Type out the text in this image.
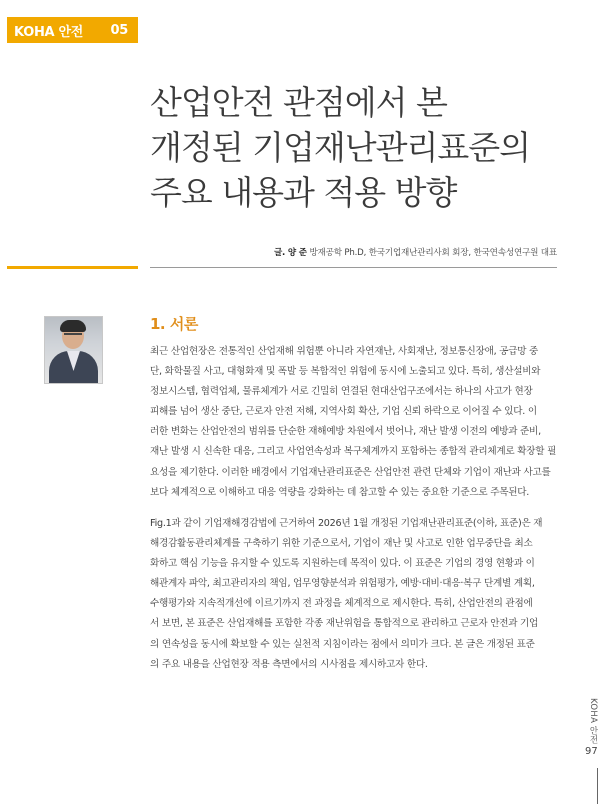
KOHA 안전 05
산업안전 관점에서 본
개정된 기업재난관리표준의
주요 내용과 적용 방향
글. 양 준 방재공학 Ph.D, 한국기업재난관리사회 회장, 한국연속성연구원 대표
1. 서론
최근 산업현장은 전통적인 산업재해 위험뿐 아니라 자연재난, 사회재난, 정보통신장애, 공급망 중
단, 화학물질 사고, 대형화재 및 폭발 등 복합적인 위험에 동시에 노출되고 있다. 특히, 생산설비와
정보시스템, 협력업체, 물류체계가 서로 긴밀히 연결된 현대산업구조에서는 하나의 사고가 현장
피해를 넘어 생산 중단, 근로자 안전 저해, 지역사회 확산, 기업 신뢰 하락으로 이어질 수 있다. 이
러한 변화는 산업안전의 범위를 단순한 재해예방 차원에서 벗어나, 재난 발생 이전의 예방과 준비,
재난 발생 시 신속한 대응, 그리고 사업연속성과 복구체계까지 포함하는 종합적 관리체계로 확장할 필
요성을 제기한다. 이러한 배경에서 기업재난관리표준은 산업안전 관련 단체와 기업이 재난과 사고를
보다 체계적으로 이해하고 대응 역량을 강화하는 데 참고할 수 있는 중요한 기준으로 주목된다.
Fig.1과 같이 기업재해경감법에 근거하여 2026년 1월 개정된 기업재난관리표준(이하, 표준)은 재
해경감활동관리체계를 구축하기 위한 기준으로서, 기업이 재난 및 사고로 인한 업무중단을 최소
화하고 핵심 기능을 유지할 수 있도록 지원하는데 목적이 있다. 이 표준은 기업의 경영 현황과 이
해관계자 파악, 최고관리자의 책임, 업무영향분석과 위험평가, 예방·대비·대응·복구 단계별 계획,
수행평가와 지속적개선에 이르기까지 전 과정을 체계적으로 제시한다. 특히, 산업안전의 관점에
서 보면, 본 표준은 산업재해를 포함한 각종 재난위험을 통합적으로 관리하고 근로자 안전과 기업
의 연속성을 동시에 확보할 수 있는 실천적 지침이라는 점에서 의미가 크다. 본 글은 개정된 표준
의 주요 내용을 산업현장 적용 측면에서의 시사점을 제시하고자 한다.
KOHA 안전
97
